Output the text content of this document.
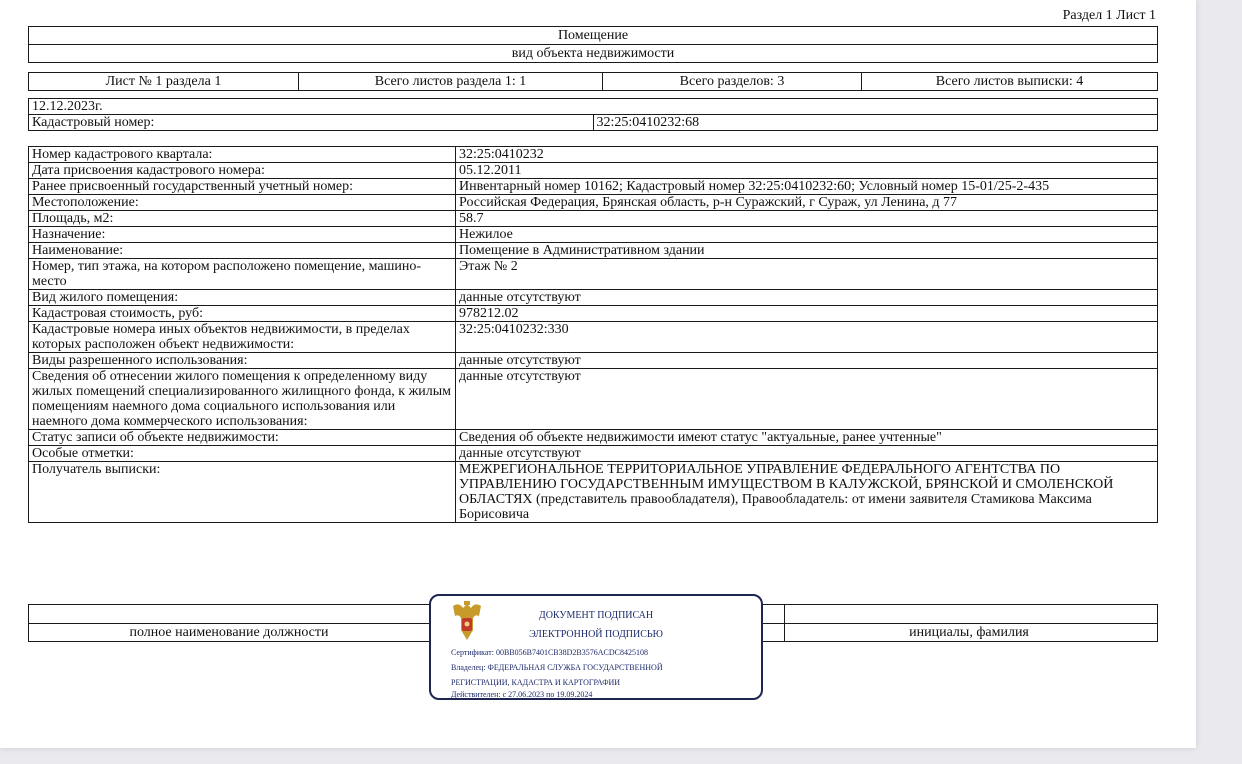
Раздел 1 Лист 1
Помещение
вид объекта недвижимости
Лист № 1 раздела 1	Всего листов раздела 1: 1	Всего разделов: 3	Всего листов выписки: 4
12.12.2023г.
Кадастровый номер:	32:25:0410232:68
Номер кадастрового квартала:	32:25:0410232
Дата присвоения кадастрового номера:	05.12.2011
Ранее присвоенный государственный учетный номер:	Инвентарный номер 10162; Кадастровый номер 32:25:0410232:60; Условный номер 15-01/25-2-435
Местоположение:	Российская Федерация, Брянская область, р-н Суражский, г Сураж, ул Ленина, д 77
Площадь, м2:	58.7
Назначение:	Нежилое
Наименование:	Помещение в Административном здании
Номер, тип этажа, на котором расположено помещение, машино-место	Этаж № 2
Вид жилого помещения:	данные отсутствуют
Кадастровая стоимость, руб:	978212.02
Кадастровые номера иных объектов недвижимости, в пределах которых расположен объект недвижимости:	32:25:0410232:330
Виды разрешенного использования:	данные отсутствуют
Сведения об отнесении жилого помещения к определенному виду жилых помещений специализированного жилищного фонда, к жилым помещениям наемного дома социального использования или наемного дома коммерческого использования:	данные отсутствуют
Статус записи об объекте недвижимости:	Сведения об объекте недвижимости имеют статус "актуальные, ранее учтенные"
Особые отметки:	данные отсутствуют
Получатель выписки:	МЕЖРЕГИОНАЛЬНОЕ ТЕРРИТОРИАЛЬНОЕ УПРАВЛЕНИЕ ФЕДЕРАЛЬНОГО АГЕНТСТВА ПО УПРАВЛЕНИЮ ГОСУДАРСТВЕННЫМ ИМУЩЕСТВОМ В КАЛУЖСКОЙ, БРЯНСКОЙ И СМОЛЕНСКОЙ ОБЛАСТЯХ (представитель правообладателя), Правообладатель: от имени заявителя Стамикова Максима Борисовича
полное наименование должности	инициалы, фамилия
ДОКУМЕНТ ПОДПИСАН
ЭЛЕКТРОННОЙ ПОДПИСЬЮ
Сертификат: 00BB056B7401CB38D2B3576ACDC8425108
Владелец: ФЕДЕРАЛЬНАЯ СЛУЖБА ГОСУДАРСТВЕННОЙ
РЕГИСТРАЦИИ, КАДАСТРА И КАРТОГРАФИИ
Действителен: с 27.06.2023 по 19.09.2024
